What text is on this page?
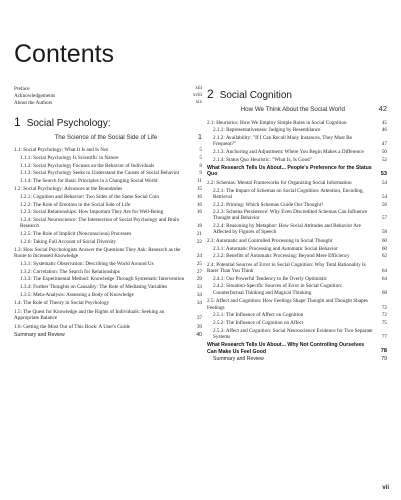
Contents
Preface	xiii
Acknowledgements	xviii
About the Authors	xix
1 Social Psychology:
The Science of the Social Side of Life	1
1.1: Social Psychology: What It Is and Is Not	5
1.1.1: Social Psychology Is Scientific in Nature	5
1.1.2: Social Psychology Focuses on the Behavior of Individuals	8
1.1.3: Social Psychology Seeks to Understand the Causes of Social Behavior	9
1.1.4: The Search for Basic Principles in a Changing Social World	11
1.2: Social Psychology: Advances at the Boundaries	15
1.2.1: Cognition and Behavior: Two Sides of the Same Social Coin	16
1.2.2: The Role of Emotion in the Social Side of Life	16
1.2.3: Social Relationships: How Important They Are for Well-Being	16
1.2.4: Social Neuroscience: The Intersection of Social Psychology and Brain Research	18
1.2.5: The Role of Implicit (Nonconscious) Processes	21
1.2.6: Taking Full Account of Social Diversity	22
1.3: How Social Psychologists Answer the Questions They Ask: Research as the Route to Increased Knowledge	24
1.3.1: Systematic Observation: Describing the World Around Us	25
1.3.2: Correlation: The Search for Relationships	27
1.3.3: The Experimental Method: Knowledge Through Systematic Intervention	29
1.3.4: Further Thoughts on Causality: The Role of Mediating Variables	33
1.3.5: Meta-Analysis: Assessing a Body of Knowledge	34
1.4: The Role of Theory in Social Psychology	34
1.5: The Quest for Knowledge and the Rights of Individuals: Seeking an Appropriate Balance	37
1.6: Getting the Most Out of This Book: A User's Guide	39
Summary and Review	40
2 Social Cognition
How We Think About the Social World	42
2.1: Heuristics: How We Employ Simple Rules in Social Cognition	45
2.1.1: Representativeness: Judging by Resemblance	46
2.1.2: Availability: "If I Can Recall Many Instances, They Must Be Frequent?"	47
2.1.3: Anchoring and Adjustment: Where You Begin Makes a Difference	50
2.1.4: Status Quo Heuristic: "What Is, Is Good"	52
What Research Tells Us About... People's Preference for the Status Quo	53
2.2: Schemas: Mental Frameworks for Organizing Social Information	54
2.2.1: The Impact of Schemas on Social Cognition: Attention, Encoding, Retrieval	54
2.2.2: Priming: Which Schemas Guide Our Thought?	56
2.2.3: Schema Persistence: Why Even Discredited Schemas Can Influence Thought and Behavior	57
2.2.4: Reasoning by Metaphor: How Social Attitudes and Behavior Are Affected by Figures of Speech	58
2.3: Automatic and Controlled Processing in Social Thought	60
2.3.1: Automatic Processing and Automatic Social Behavior	60
2.3.2: Benefits of Automatic Processing: Beyond Mere Efficiency	62
2.4: Potential Sources of Error in Social Cognition: Why Total Rationality Is Rarer Than You Think	64
2.4.1: Our Powerful Tendency to Be Overly Optimistic	64
2.4.2: Situation-Specific Sources of Error in Social Cognition: Counterfactual Thinking and Magical Thinking	68
2.5: Affect and Cognition: How Feelings Shape Thought and Thought Shapes Feelings	72
2.5.1: The Influence of Affect on Cognition	72
2.5.2: The Influence of Cognition on Affect	75
2.5.3: Affect and Cognition: Social Neuroscience Evidence for Two Separate Systems	77
What Research Tells Us About... Why Not Controlling Ourselves Can Make Us Feel Good	78
Summary and Review	79
vii
